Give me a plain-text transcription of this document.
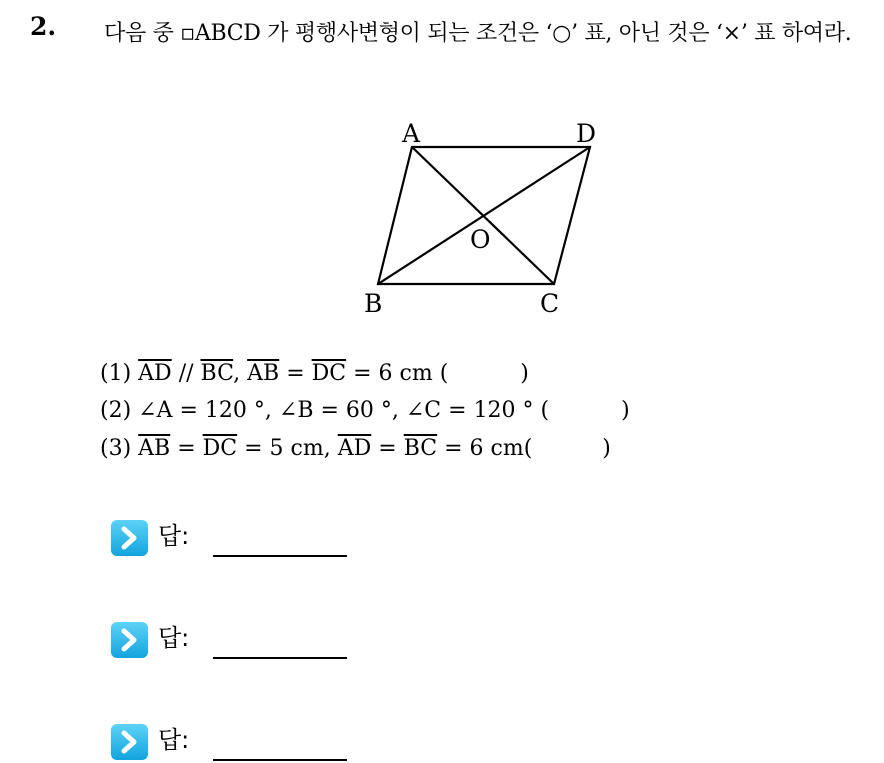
2. 다음 중 ▫ABCD 가 평행사변형이 되는 조건은 ‘○’ 표, 아닌 것은 ‘×’ 표 하여라.
A	D
O
B	C
(1) $\overline{AD} // \overline{BC}$, $\overline{AB} = \overline{DC} = 6$ cm (	)
(2) ∠A = 120 °, ∠B = 60 °, ∠C = 120 ° (	)
(3) $\overline{AB} = \overline{DC} = 5$ cm, $\overline{AD} = \overline{BC} = 6$ cm(	)
답:
답:
답:
